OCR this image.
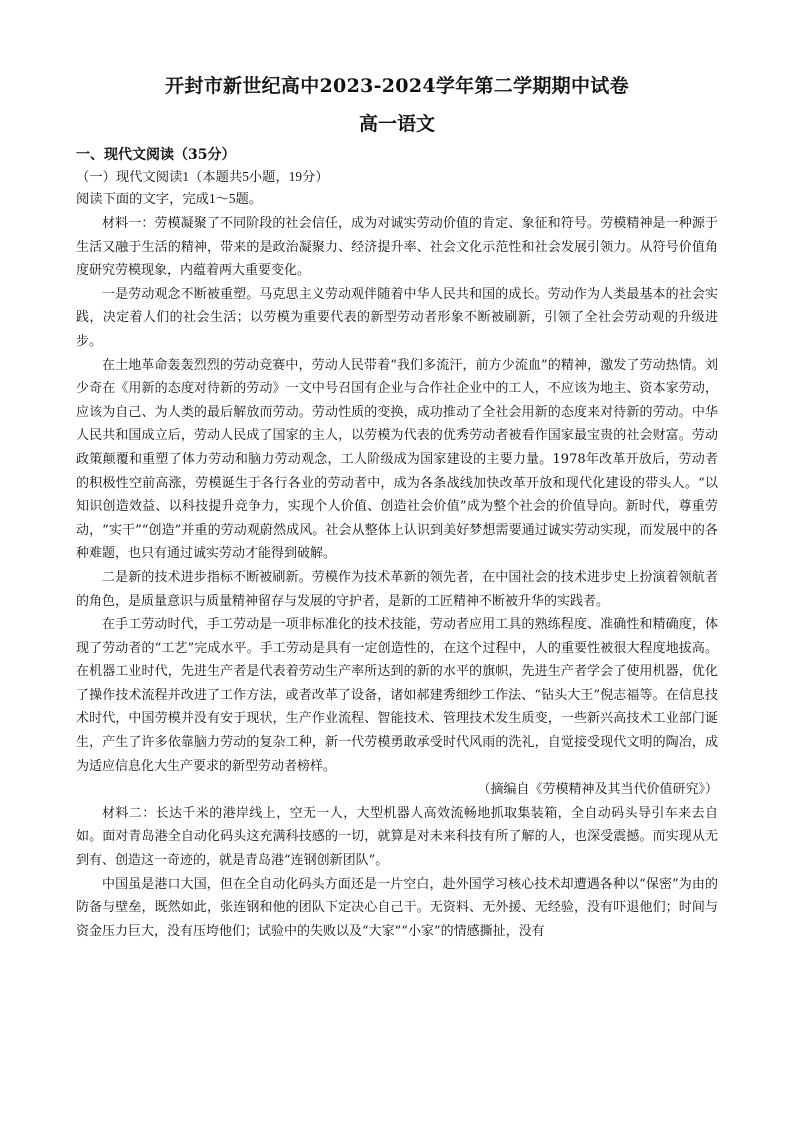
开封市新世纪高中2023-2024学年第二学期期中试卷
高一语文
一、现代文阅读（35分）
（一）现代文阅读1（本题共5小题，19分）
阅读下面的文字，完成1～5题。

材料一：劳模凝聚了不同阶段的社会信任，成为对诚实劳动价值的肯定、象征和符号。劳模精神是一种源于生活又融于生活的精神，带来的是政治凝聚力、经济提升率、社会文化示范性和社会发展引领力。从符号价值角度研究劳模现象，内蕴着两大重要变化。

一是劳动观念不断被重塑。马克思主义劳动观伴随着中华人民共和国的成长。劳动作为人类最基本的社会实践，决定着人们的社会生活；以劳模为重要代表的新型劳动者形象不断被刷新，引领了全社会劳动观的升级进步。

在土地革命轰轰烈烈的劳动竞赛中，劳动人民带着“我们多流汗，前方少流血”的精神，激发了劳动热情。刘少奇在《用新的态度对待新的劳动》一文中号召国有企业与合作社企业中的工人，不应该为地主、资本家劳动，应该为自己、为人类的最后解放而劳动。劳动性质的变换，成功推动了全社会用新的态度来对待新的劳动。中华人民共和国成立后，劳动人民成了国家的主人，以劳模为代表的优秀劳动者被看作国家最宝贵的社会财富。劳动政策颠覆和重塑了体力劳动和脑力劳动观念，工人阶级成为国家建设的主要力量。1978年改革开放后，劳动者的积极性空前高涨，劳模诞生于各行各业的劳动者中，成为各条战线加快改革开放和现代化建设的带头人。“以知识创造效益、以科技提升竞争力，实现个人价值、创造社会价值”成为整个社会的价值导向。新时代，尊重劳动，“实干”“创造”并重的劳动观蔚然成风。社会从整体上认识到美好梦想需要通过诚实劳动实现，而发展中的各种难题，也只有通过诚实劳动才能得到破解。

二是新的技术进步指标不断被刷新。劳模作为技术革新的领先者，在中国社会的技术进步史上扮演着领航者的角色，是质量意识与质量精神留存与发展的守护者，是新的工匠精神不断被升华的实践者。

在手工劳动时代，手工劳动是一项非标准化的技术技能，劳动者应用工具的熟练程度、准确性和精确度，体现了劳动者的“工艺”完成水平。手工劳动是具有一定创造性的，在这个过程中，人的重要性被很大程度地拔高。在机器工业时代，先进生产者是代表着劳动生产率所达到的新的水平的旗帜，先进生产者学会了使用机器，优化了操作技术流程并改进了工作方法，或者改革了设备，诸如郝建秀细纱工作法、“钻头大王”倪志福等。在信息技术时代，中国劳模并没有安于现状，生产作业流程、智能技术、管理技术发生质变，一些新兴高技术工业部门诞生，产生了许多依靠脑力劳动的复杂工种，新一代劳模勇敢承受时代风雨的洗礼，自觉接受现代文明的陶冶，成为适应信息化大生产要求的新型劳动者榜样。

（摘编自《劳模精神及其当代价值研究》）

材料二：长达千米的港岸线上，空无一人，大型机器人高效流畅地抓取集装箱，全自动码头导引车来去自如。面对青岛港全自动化码头这充满科技感的一切，就算是对未来科技有所了解的人，也深受震撼。而实现从无到有、创造这一奇迹的，就是青岛港“连钢创新团队”。

中国虽是港口大国，但在全自动化码头方面还是一片空白，赴外国学习核心技术却遭遇各种以“保密”为由的防备与壁垒，既然如此，张连钢和他的团队下定决心自己干。无资料、无外援、无经验，没有吓退他们；时间与资金压力巨大，没有压垮他们；试验中的失败以及“大家”“小家”的情感撕扯，没有
